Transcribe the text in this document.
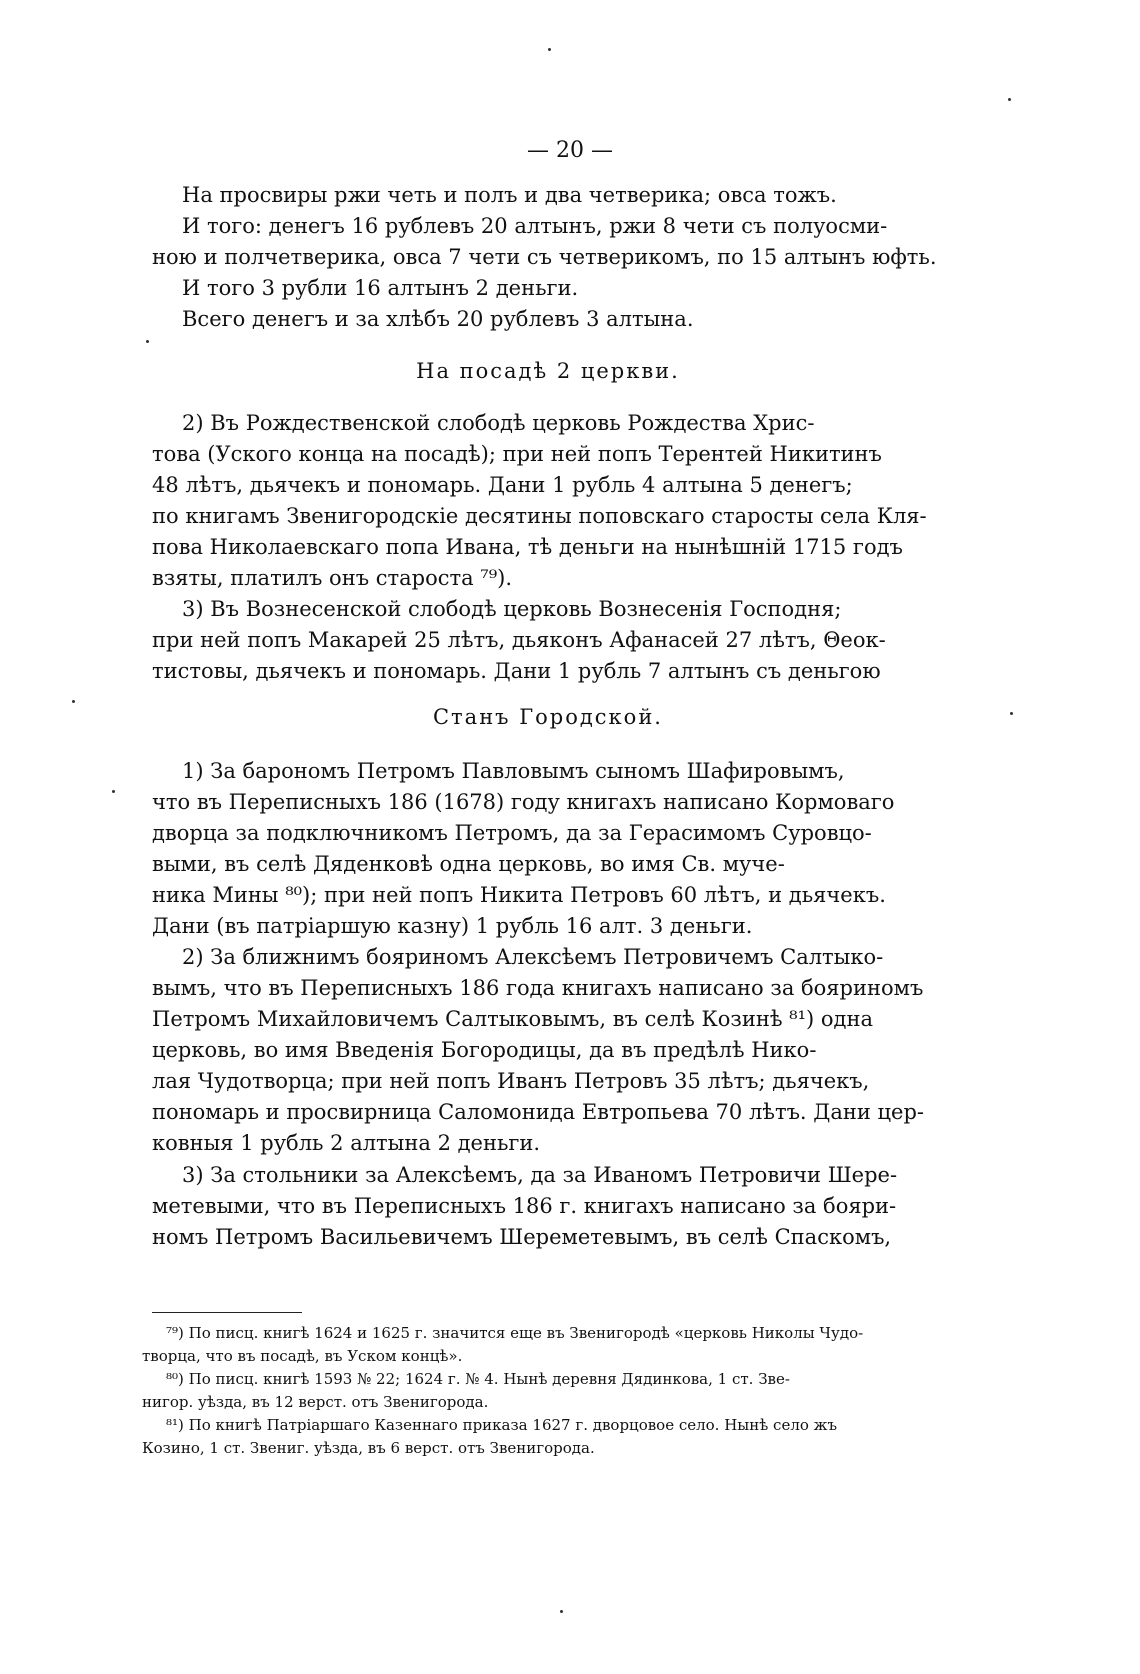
— 20 —
На просвиры ржи четь и полъ и два четверика; овса тожъ.
И того: денегъ 16 рублевъ 20 алтынъ, ржи 8 чети съ полуосми-
ною и полчетверика, овса 7 чети съ четверикомъ, по 15 алтынъ юфть.
И того 3 рубли 16 алтынъ 2 деньги.
Всего денегъ и за хлѣбъ 20 рублевъ 3 алтына.
На посадѣ 2 церкви.
2) Въ Рождественской слободѣ церковь Рождества Хрис-
това (Уского конца на посадѣ); при ней попъ Терентей Никитинъ
48 лѣтъ, дьячекъ и пономарь. Дани 1 рубль 4 алтына 5 денегъ;
по книгамъ Звенигородскiе десятины поповскаго старосты села Кля-
пова Николаевскаго попа Ивана, тѣ деньги на нынѣшнiй 1715 годъ
взяты, платилъ онъ староста ⁷⁹).
3) Въ Вознесенской слободѣ церковь Вознесенiя Господня;
при ней попъ Макарей 25 лѣтъ, дьяконъ Афанасей 27 лѣтъ, Θеок-
тистовы, дьячекъ и пономарь. Дани 1 рубль 7 алтынъ съ деньгою
Станъ Городской.
1) За барономъ Петромъ Павловымъ сыномъ Шафировымъ,
что въ Переписныхъ 186 (1678) году книгахъ написано Кормоваго
дворца за подключникомъ Петромъ, да за Герасимомъ Суровцо-
выми, въ селѣ Дяденковѣ одна церковь, во имя Св. муче-
ника Мины ⁸⁰); при ней попъ Никита Петровъ 60 лѣтъ, и дьячекъ.
Дани (въ патрiаршую казну) 1 рубль 16 алт. 3 деньги.
2) За ближнимъ бояриномъ Алексѣемъ Петровичемъ Салтыко-
вымъ, что въ Переписныхъ 186 года книгахъ написано за бояриномъ
Петромъ Михайловичемъ Салтыковымъ, въ селѣ Козинѣ ⁸¹) одна
церковь, во имя Введенiя Богородицы, да въ предѣлѣ Нико-
лая Чудотворца; при ней попъ Иванъ Петровъ 35 лѣтъ; дьячекъ,
пономарь и просвирница Саломонида Евтропьева 70 лѣтъ. Дани цер-
ковныя 1 рубль 2 алтына 2 деньги.
3) За стольники за Алексѣемъ, да за Иваномъ Петровичи Шере-
метевыми, что въ Переписныхъ 186 г. книгахъ написано за бояри-
номъ Петромъ Васильевичемъ Шереметевымъ, въ селѣ Спаскомъ,
⁷⁹) По писц. книгѣ 1624 и 1625 г. значится еще въ Звенигородѣ «церковь Николы Чудо-
творца, что въ посадѣ, въ Уском концѣ».
⁸⁰) По писц. книгѣ 1593 № 22; 1624 г. № 4. Нынѣ деревня Дядинкова, 1 ст. Зве-
нигор. уѣзда, въ 12 верст. отъ Звенигорода.
⁸¹) По книгѣ Патрiаршаго Казеннаго приказа 1627 г. дворцовое село. Нынѣ село жъ
Козино, 1 ст. Звениг. уѣзда, въ 6 верст. отъ Звенигорода.
